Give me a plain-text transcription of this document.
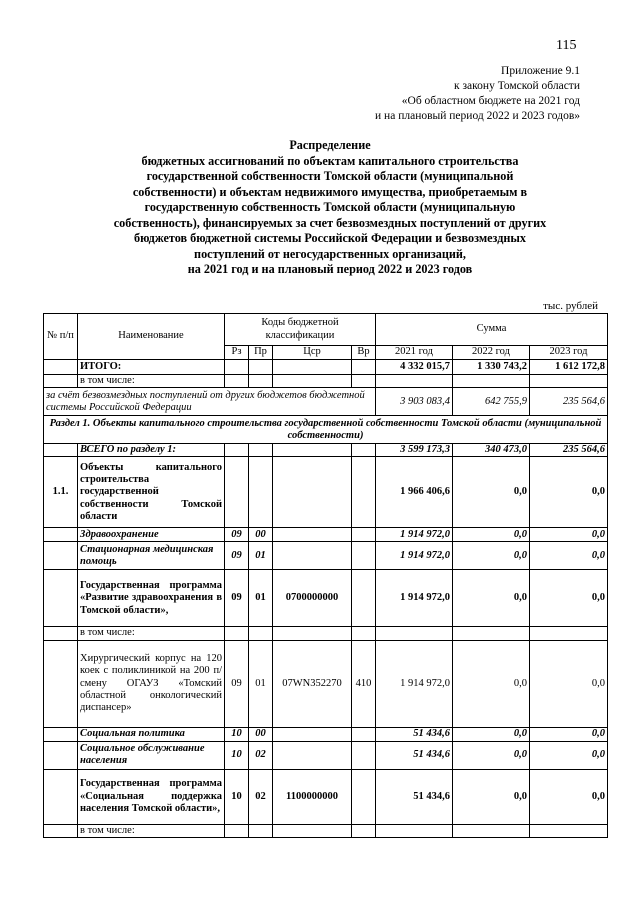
115
Приложение 9.1
к закону Томской области
«Об областном бюджете на 2021 год
и на плановый период 2022 и 2023 годов»
Распределение
бюджетных ассигнований по объектам капитального строительства
государственной собственности Томской области (муниципальной
собственности) и объектам недвижимого имущества, приобретаемым в
государственную собственность Томской области (муниципальную
собственность), финансируемых за счет безвозмездных поступлений от других
бюджетов бюджетной системы Российской Федерации и безвозмездных
поступлений от негосударственных организаций,
на 2021 год и на плановый период 2022 и 2023 годов
тыс. рублей
№ п/п	Наименование	Коды бюджетной классификации				Сумма		
		Рз	Пр	Цср	Вр	2021 год	2022 год	2023 год
	ИТОГО:					4 332 015,7	1 330 743,2	1 612 172,8
	в том числе:							
за счёт безвозмездных поступлений от других бюджетов бюджетной системы Российской Федерации						3 903 083,4	642 755,9	235 564,6
Раздел 1. Объекты капитального строительства государственной собственности Томской области (муниципальной собственности)								
	ВСЕГО по разделу 1:					3 599 173,3	340 473,0	235 564,6
1.1.	Объекты капитального строительства государственной собственности Томской области					1 966 406,6	0,0	0,0
	Здравоохранение	09	00			1 914 972,0	0,0	0,0
	Стационарная медицинская помощь	09	01			1 914 972,0	0,0	0,0
	Государственная программа «Развитие здравоохранения в Томской области»,	09	01	0700000000		1 914 972,0	0,0	0,0
	в том числе:							
	Хирургический корпус на 120 коек с поликлиникой на 200 п/смену ОГАУЗ «Томский областной онкологический диспансер»	09	01	07WN352270	410	1 914 972,0	0,0	0,0
	Социальная политика	10	00			51 434,6	0,0	0,0
	Социальное обслуживание населения	10	02			51 434,6	0,0	0,0
	Государственная программа «Социальная поддержка населения Томской области»,	10	02	1100000000		51 434,6	0,0	0,0
	в том числе:							
